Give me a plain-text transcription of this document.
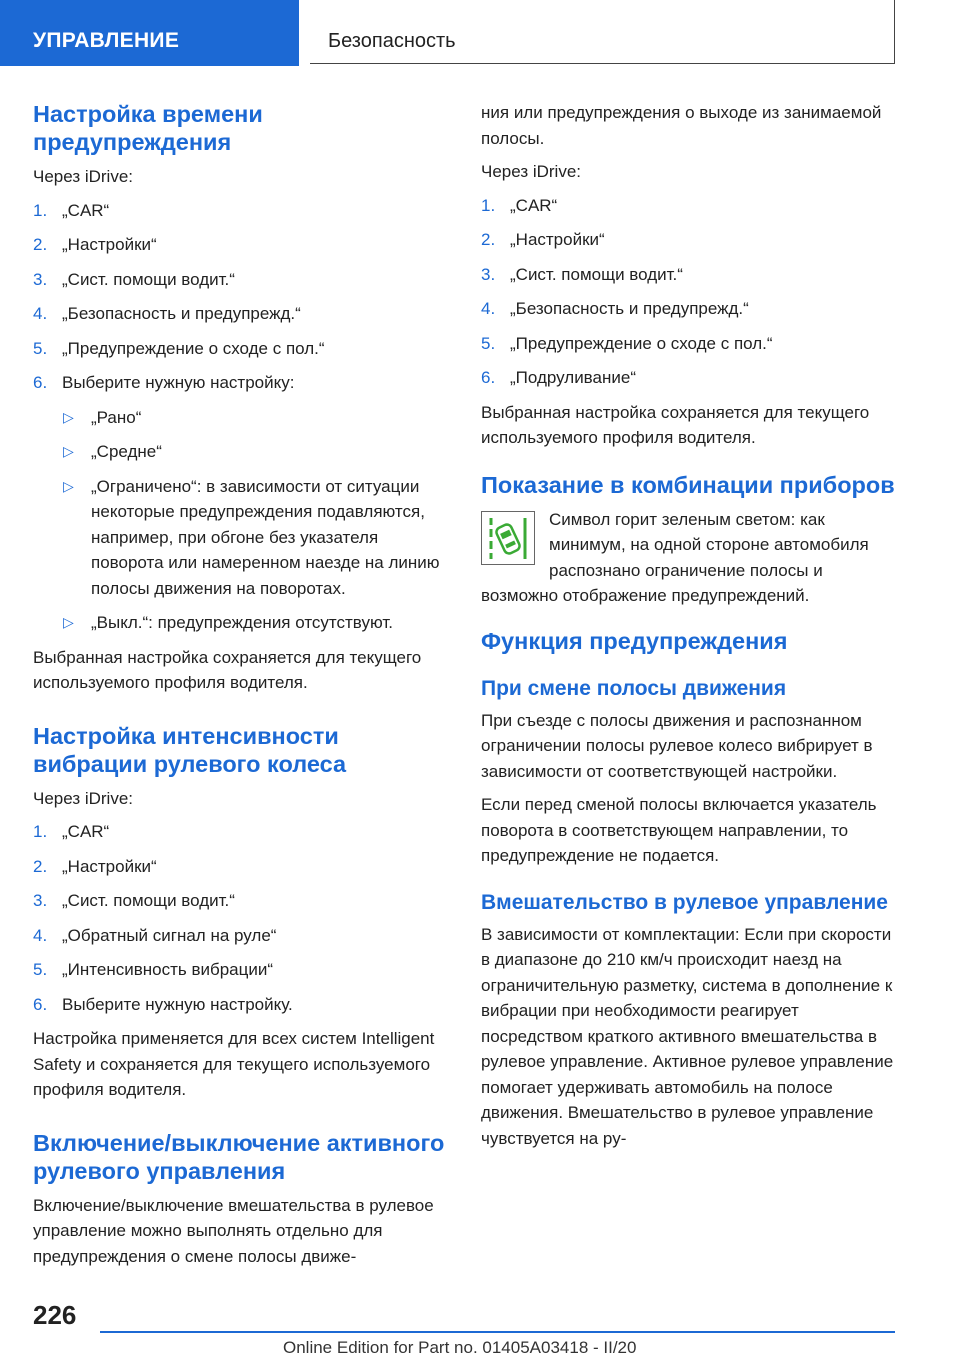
УПРАВЛЕНИЕ	Безопасность
Настройка времени предупреждения
Через iDrive:
1. „CAR“
2. „Настройки“
3. „Сист. помощи водит.“
4. „Безопасность и предупрежд.“
5. „Предупреждение о сходе с пол.“
6. Выберите нужную настройку:
▷ „Рано“
▷ „Средне“
▷ „Ограничено“: в зависимости от ситуации некоторые предупреждения подавляются, например, при обгоне без указателя поворота или намеренном наезде на линию полосы движения на поворотах.
▷ „Выкл.“: предупреждения отсутствуют.
Выбранная настройка сохраняется для текущего используемого профиля водителя.
Настройка интенсивности вибрации рулевого колеса
Через iDrive:
1. „CAR“
2. „Настройки“
3. „Сист. помощи водит.“
4. „Обратный сигнал на руле“
5. „Интенсивность вибрации“
6. Выберите нужную настройку.
Настройка применяется для всех систем Intelligent Safety и сохраняется для текущего используемого профиля водителя.
Включение/выключение активного рулевого управления
Включение/выключение вмешательства в рулевое управление можно выполнять отдельно для предупреждения о смене полосы движе-
ния или предупреждения о выходе из занимаемой полосы.
Через iDrive:
1. „CAR“
2. „Настройки“
3. „Сист. помощи водит.“
4. „Безопасность и предупрежд.“
5. „Предупреждение о сходе с пол.“
6. „Подруливание“
Выбранная настройка сохраняется для текущего используемого профиля водителя.
Показание в комбинации приборов
Символ горит зеленым светом: как минимум, на одной стороне автомобиля распознано ограничение полосы и возможно отображение предупреждений.
Функция предупреждения
При смене полосы движения
При съезде с полосы движения и распознанном ограничении полосы рулевое колесо вибрирует в зависимости от соответствующей настройки.
Если перед сменой полосы включается указатель поворота в соответствующем направлении, то предупреждение не подается.
Вмешательство в рулевое управление
В зависимости от комплектации: Если при скорости в диапазоне до 210 км/ч происходит наезд на ограничительную разметку, система в дополнение к вибрации при необходимости реагирует посредством краткого активного вмешательства в рулевое управление. Активное рулевое управление помогает удерживать автомобиль на полосе движения. Вмешательство в рулевое управление чувствуется на ру-
226
Online Edition for Part no. 01405A03418 - II/20
